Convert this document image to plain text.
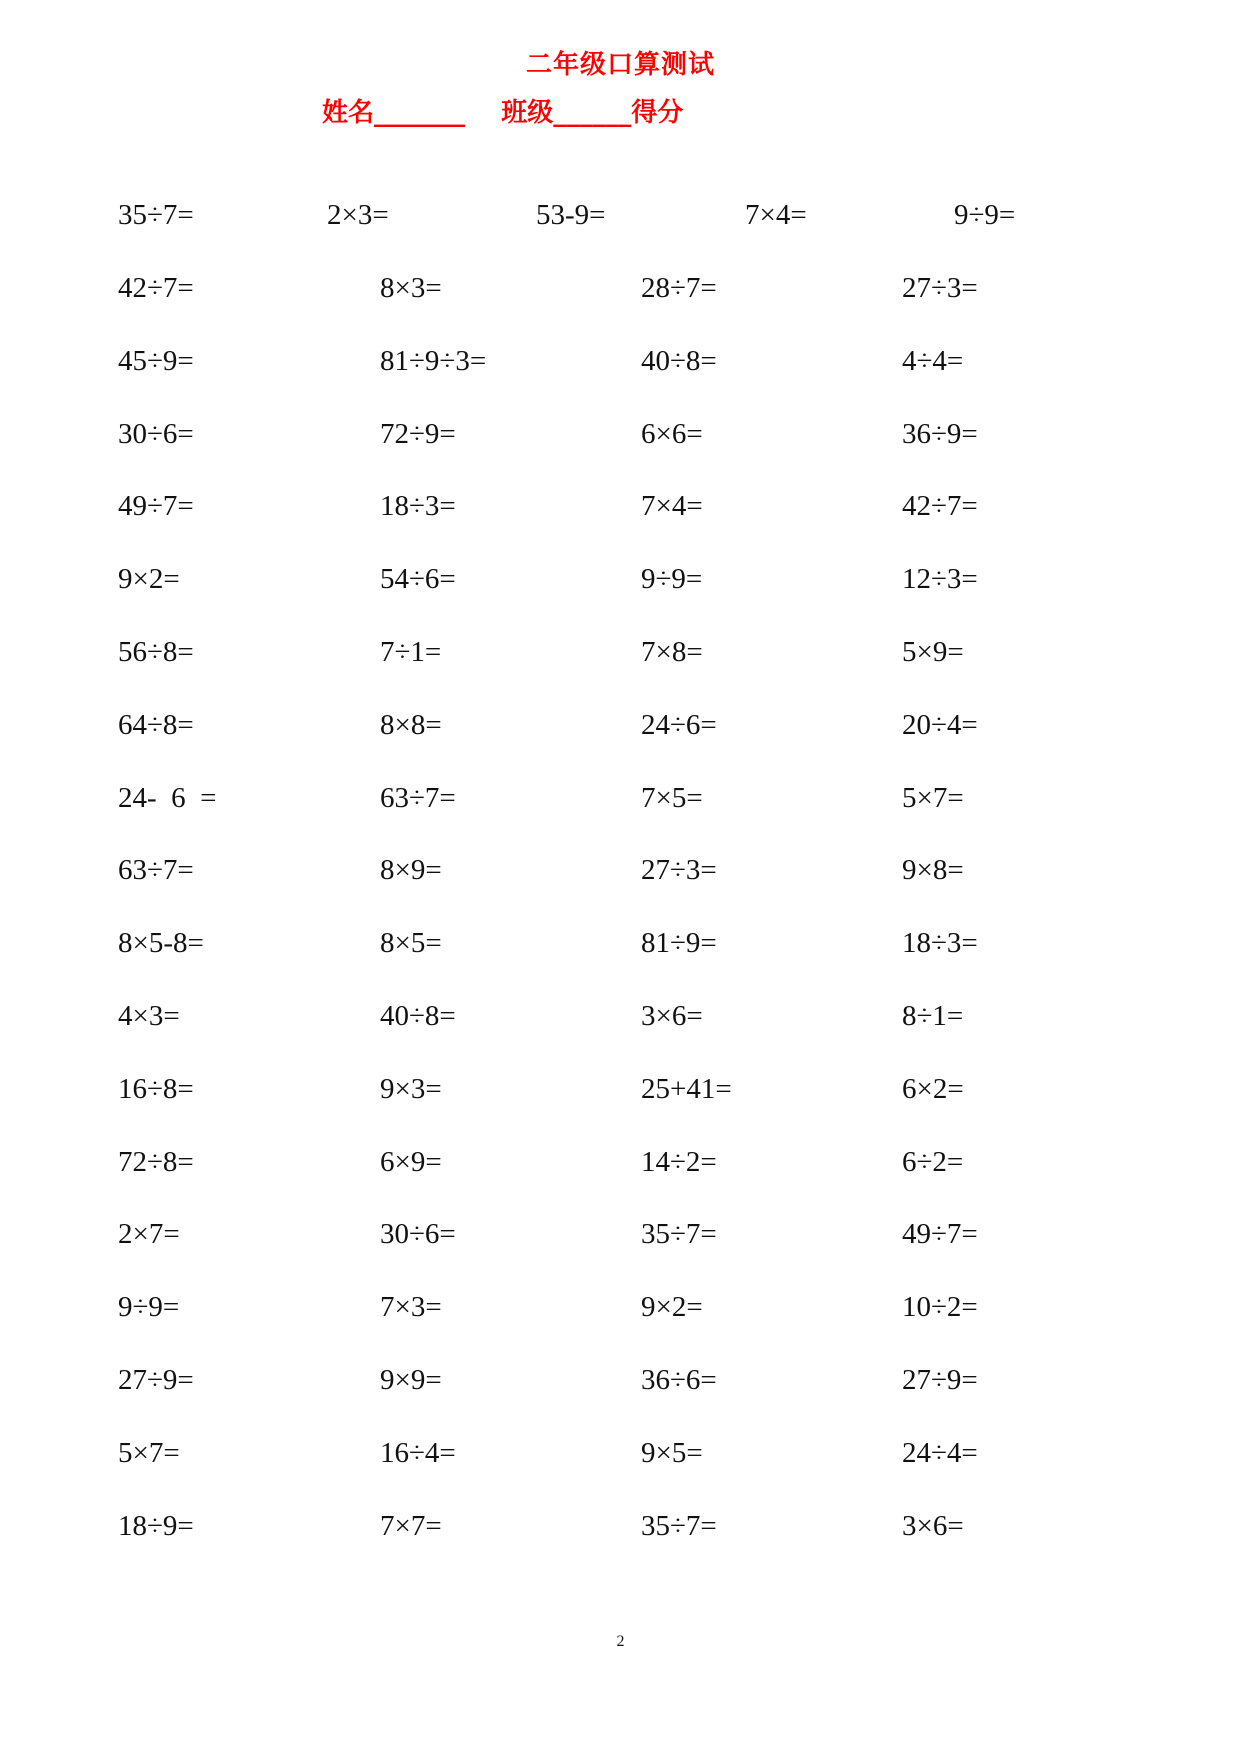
二年级口算测试
姓名_______ 班级______得分
35÷7=	2×3=	53-9=	7×4=	9÷9=
42÷7=	8×3=	28÷7=	27÷3=
45÷9=	81÷9÷3=	40÷8=	4÷4=
30÷6=	72÷9=	6×6=	36÷9=
49÷7=	18÷3=	7×4=	42÷7=
9×2=	54÷6=	9÷9=	12÷3=
56÷8=	7÷1=	7×8=	5×9=
64÷8=	8×8=	24÷6=	20÷4=
24-  6  =	63÷7=	7×5=	5×7=
63÷7=	8×9=	27÷3=	9×8=
8×5-8=	8×5=	81÷9=	18÷3=
4×3=	40÷8=	3×6=	8÷1=
16÷8=	9×3=	25+41=	6×2=
72÷8=	6×9=	14÷2=	6÷2=
2×7=	30÷6=	35÷7=	49÷7=
9÷9=	7×3=	9×2=	10÷2=
27÷9=	9×9=	36÷6=	27÷9=
5×7=	16÷4=	9×5=	24÷4=
18÷9=	7×7=	35÷7=	3×6=
2
